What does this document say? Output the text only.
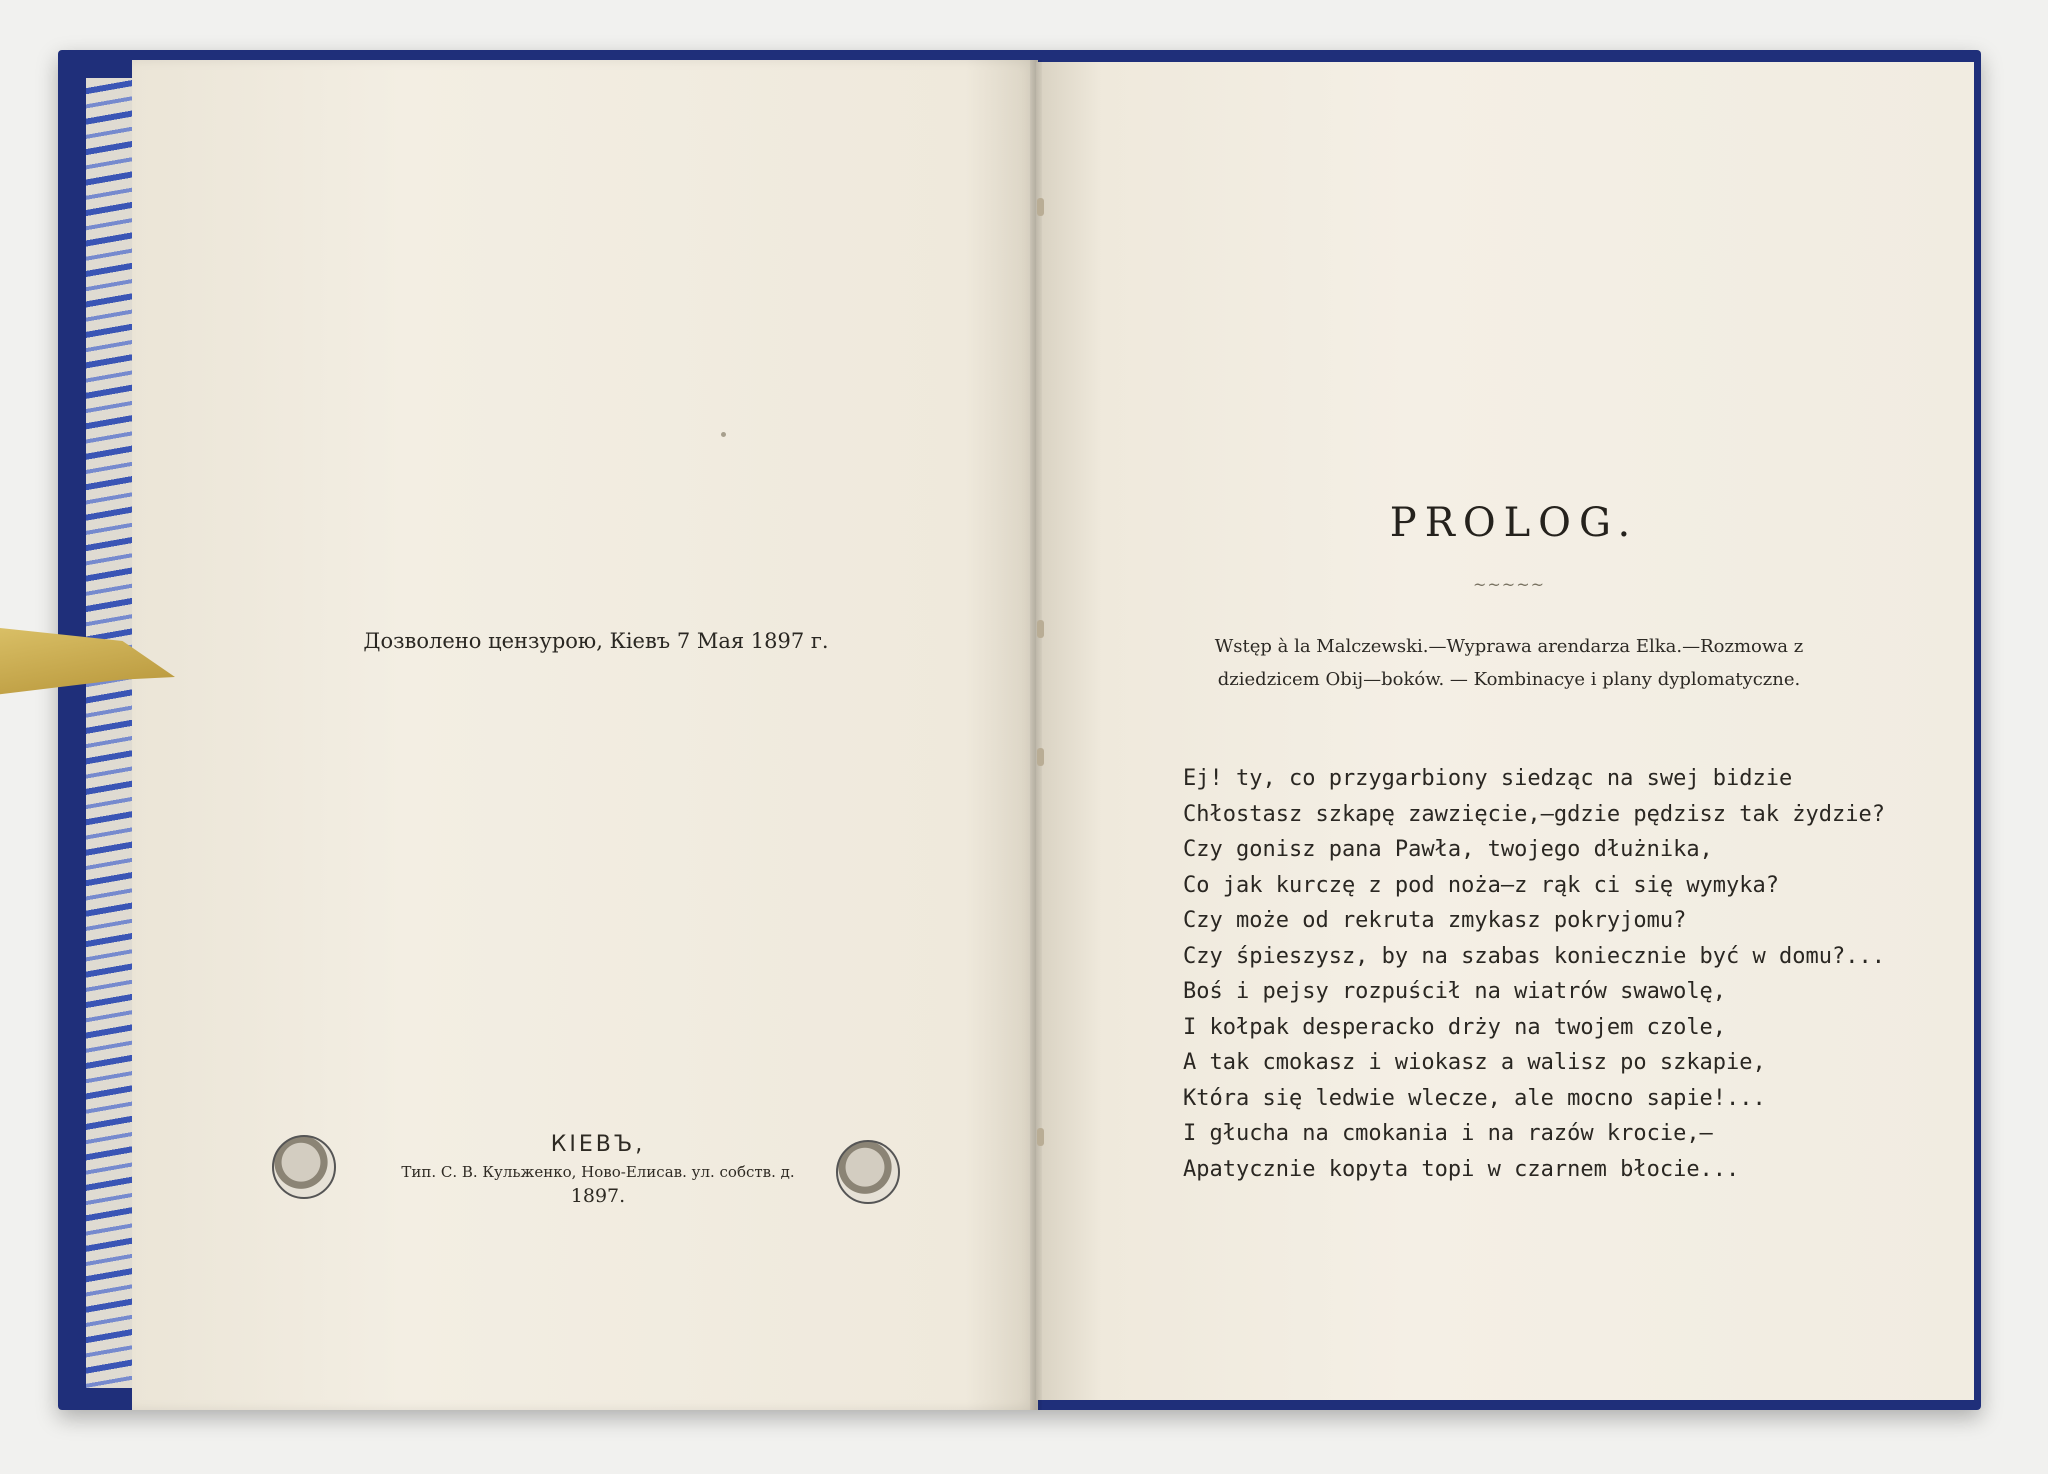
Дозволено цензурою, Кіевъ 7 Мая 1897 г.
КІЕВЪ,
Тип. С. В. Кульженко, Ново-Елисав. ул. собств. д.
1897.
PROLOG.
~~~~~
Wstęp à la Malczewski.—Wyprawa arendarza Elka.—Rozmowa z dziedzicem Obij—boków. — Kombinacye i plany dyplomatyczne.
Ej! ty, co przygarbiony siedząc na swej bidzie
Chłostasz szkapę zawzięcie,—gdzie pędzisz tak żydzie?
Czy gonisz pana Pawła, twojego dłużnika,
Co jak kurczę z pod noża—z rąk ci się wymyka?
Czy może od rekruta zmykasz pokryjomu?
Czy śpieszysz, by na szabas koniecznie być w domu?...
Boś i pejsy rozpuścił na wiatrów swawolę,
I kołpak desperacko drży na twojem czole,
A tak cmokasz i wiokasz a walisz po szkapie,
Która się ledwie wlecze, ale mocno sapie!...
I głucha na cmokania i na razów krocie,—
Apatycznie kopyta topi w czarnem błocie...
